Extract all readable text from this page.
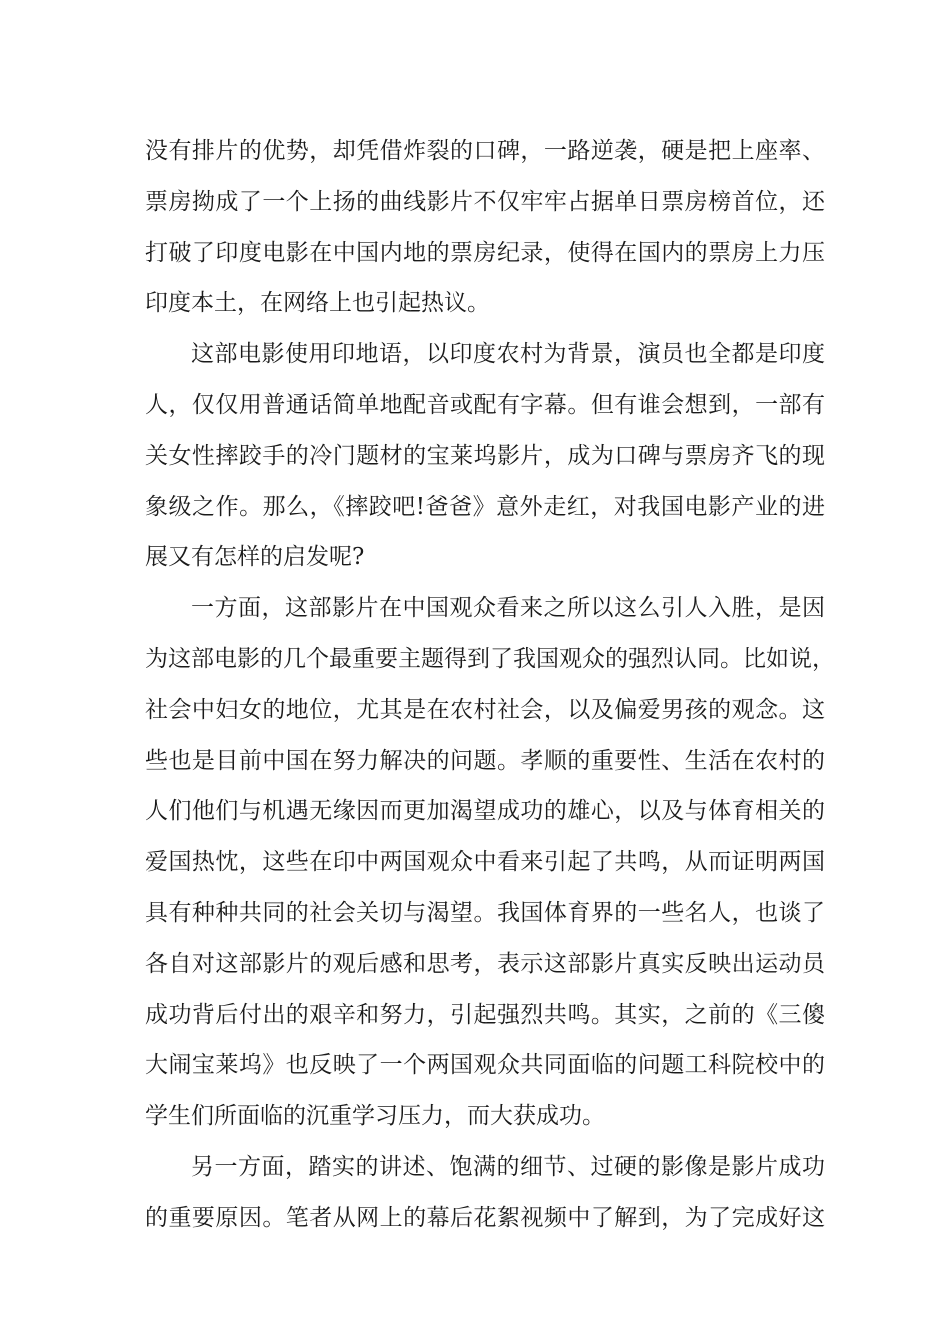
没有排片的优势，却凭借炸裂的口碑，一路逆袭，硬是把上座率、
票房拗成了一个上扬的曲线影片不仅牢牢占据单日票房榜首位，还
打破了印度电影在中国内地的票房纪录，使得在国内的票房上力压
印度本土，在网络上也引起热议。
这部电影使用印地语，以印度农村为背景，演员也全都是印度
人，仅仅用普通话简单地配音或配有字幕。但有谁会想到，一部有
关女性摔跤手的冷门题材的宝莱坞影片，成为口碑与票房齐飞的现
象级之作。那么，《摔跤吧!爸爸》意外走红，对我国电影产业的进
展又有怎样的启发呢?
一方面，这部影片在中国观众看来之所以这么引人入胜，是因
为这部电影的几个最重要主题得到了我国观众的强烈认同。比如说，
社会中妇女的地位，尤其是在农村社会，以及偏爱男孩的观念。这
些也是目前中国在努力解决的问题。孝顺的重要性、生活在农村的
人们他们与机遇无缘因而更加渴望成功的雄心，以及与体育相关的
爱国热忱，这些在印中两国观众中看来引起了共鸣，从而证明两国
具有种种共同的社会关切与渴望。我国体育界的一些名人，也谈了
各自对这部影片的观后感和思考，表示这部影片真实反映出运动员
成功背后付出的艰辛和努力，引起强烈共鸣。其实，之前的《三傻
大闹宝莱坞》也反映了一个两国观众共同面临的问题工科院校中的
学生们所面临的沉重学习压力，而大获成功。
另一方面，踏实的讲述、饱满的细节、过硬的影像是影片成功
的重要原因。笔者从网上的幕后花絮视频中了解到，为了完成好这
